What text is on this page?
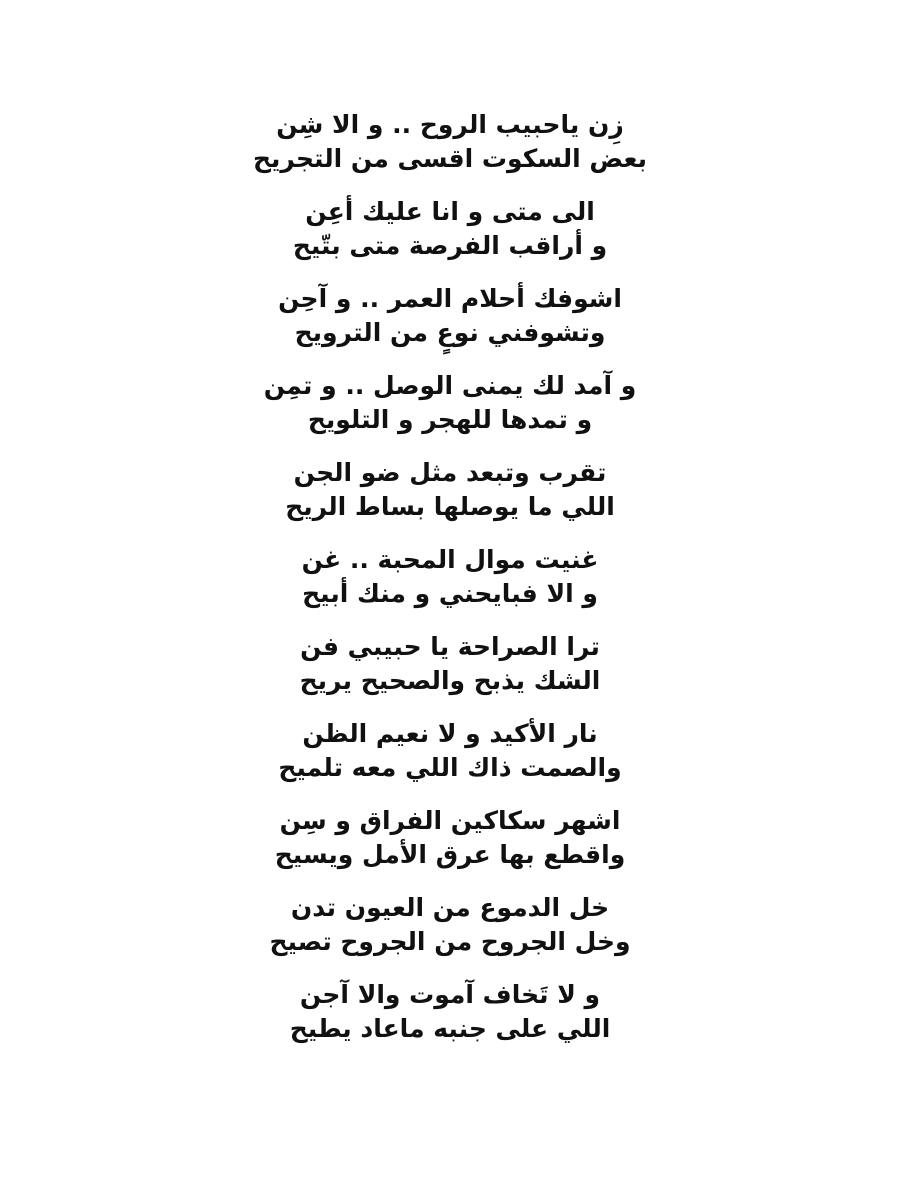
زِن ياحبيب الروح .. و الا شِن
بعض السكوت اقسى من التجريح
الى متى و انا عليك أعِن
و أراقب الفرصة متى بتّيح
اشوفك أحلام العمر .. و آحِن
وتشوفني نوعٍ من الترويح
و آمد لك يمنى الوصل .. و تمِن
و تمدها للهجر و التلويح
تقرب وتبعد مثل ضو الجن
اللي ما يوصلها بساط الريح
غنيت موال المحبة .. غن
و الا فبايحني و منك أبيح
ترا الصراحة يا حبيبي فن
الشك يذبح والصحيح يريح
نار الأكيد و لا نعيم الظن
والصمت ذاك اللي معه تلميح
اشهر سكاكين الفراق و سِن
واقطع بها عرق الأمل ويسيح
خل الدموع من العيون تدن
وخل الجروح من الجروح تصيح
و لا تَخاف آموت والا آجن
اللي على جنبه ماعاد يطيح
